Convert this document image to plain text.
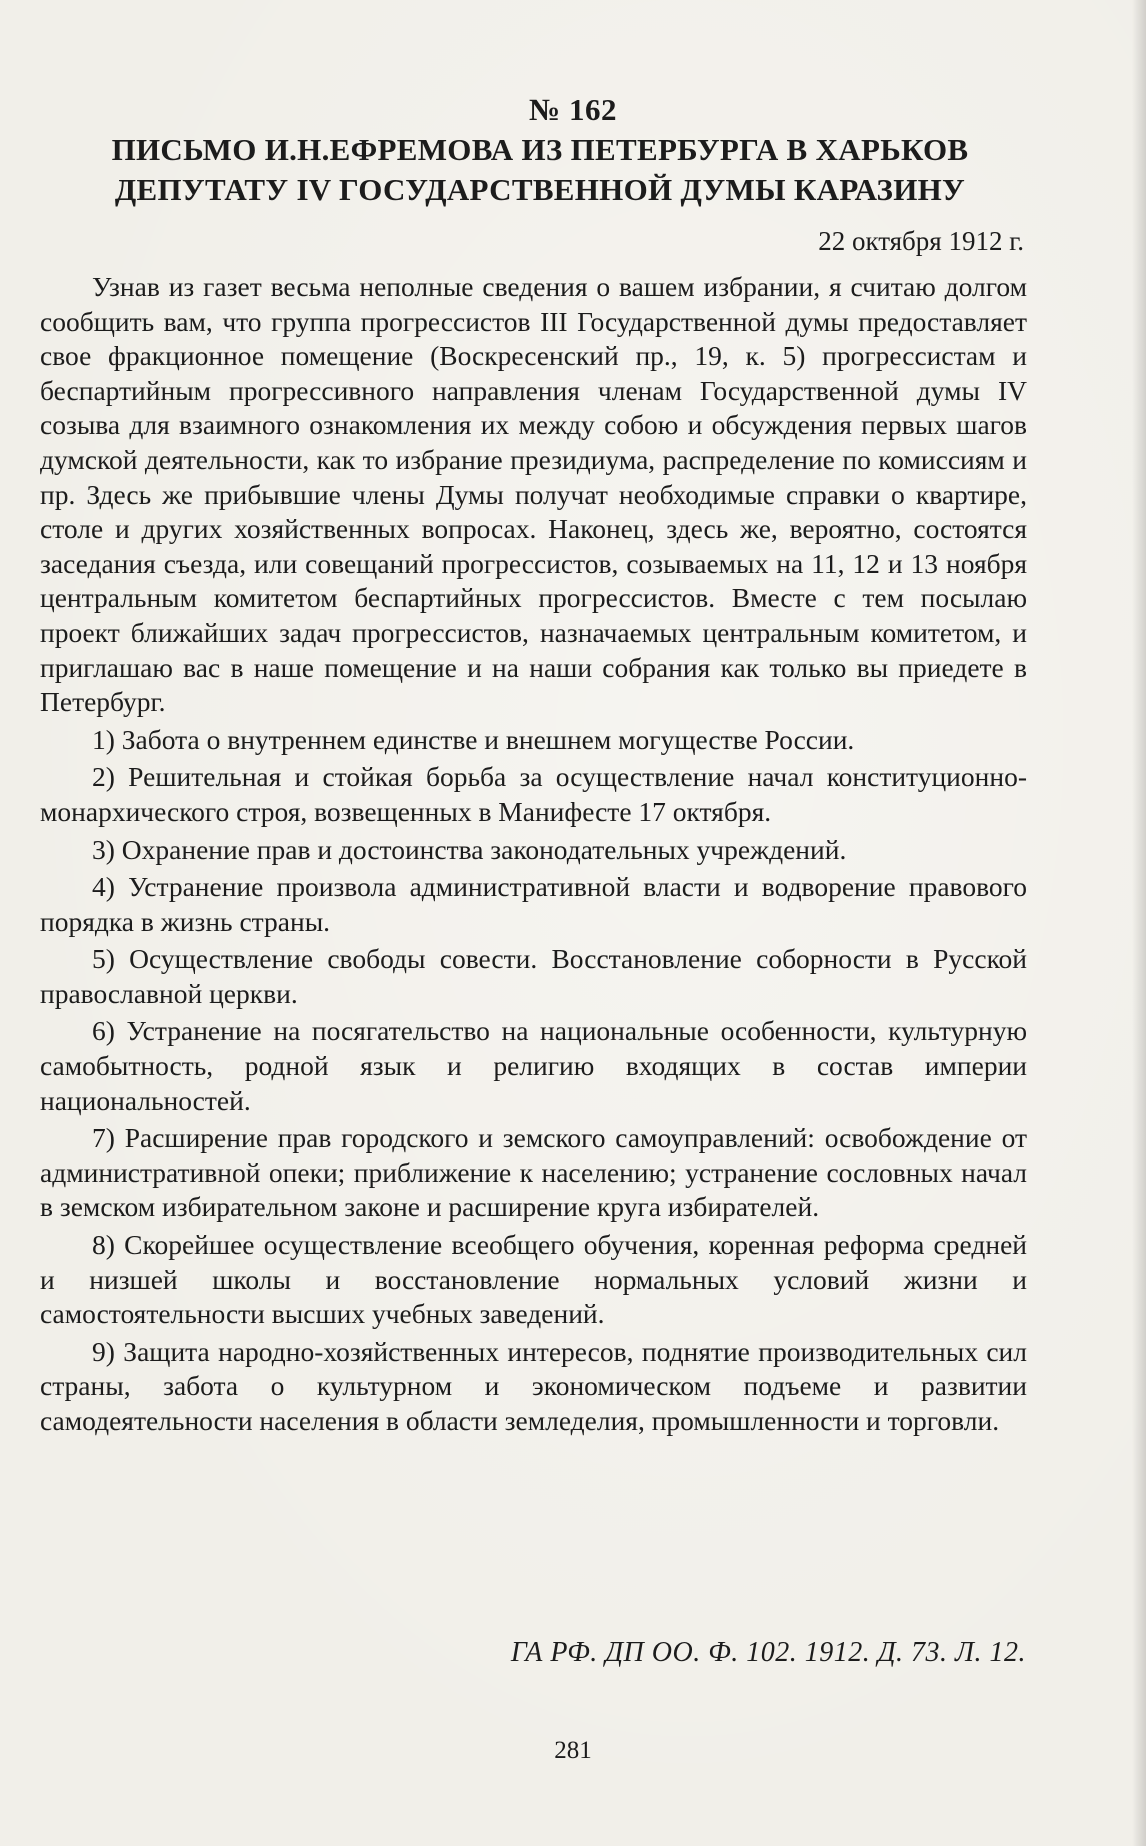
№ 162
ПИСЬМО И.Н.ЕФРЕМОВА ИЗ ПЕТЕРБУРГА В ХАРЬКОВ
ДЕПУТАТУ IV ГОСУДАРСТВЕННОЙ ДУМЫ КАРАЗИНУ
22 октября 1912 г.

Узнав из газет весьма неполные сведения о вашем избрании, я считаю долгом сообщить вам, что группа прогрессистов III Государственной думы предоставляет свое фракционное помещение (Воскресенский пр., 19, к. 5) прогрессистам и беспартийным прогрессивного направления членам Государственной думы IV созыва для взаимного ознакомления их между собою и обсуждения первых шагов думской деятельности, как то избрание президиума, распределение по комиссиям и пр. Здесь же прибывшие члены Думы получат необходимые справки о квартире, столе и других хозяйственных вопросах. Наконец, здесь же, вероятно, состоятся заседания съезда, или совещаний прогрессистов, созываемых на 11, 12 и 13 ноября центральным комитетом беспартийных прогрессистов. Вместе с тем посылаю проект ближайших задач прогрессистов, назначаемых центральным комитетом, и приглашаю вас в наше помещение и на наши собрания как только вы приедете в Петербург.

1) Забота о внутреннем единстве и внешнем могуществе России.

2) Решительная и стойкая борьба за осуществление начал конституционно-монархического строя, возвещенных в Манифесте 17 октября.

3) Охранение прав и достоинства законодательных учреждений.

4) Устранение произвола административной власти и водворение правового порядка в жизнь страны.

5) Осуществление свободы совести. Восстановление соборности в Русской православной церкви.

6) Устранение на посягательство на национальные особенности, культурную самобытность, родной язык и религию входящих в состав империи национальностей.

7) Расширение прав городского и земского самоуправлений: освобождение от административной опеки; приближение к населению; устранение сословных начал в земском избирательном законе и расширение круга избирателей.

8) Скорейшее осуществление всеобщего обучения, коренная реформа средней и низшей школы и восстановление нормальных условий жизни и самостоятельности высших учебных заведений.

9) Защита народно-хозяйственных интересов, поднятие производительных сил страны, забота о культурном и экономическом подъеме и развитии самодеятельности населения в области земледелия, промышленности и торговли.

ГА РФ. ДП ОО. Ф. 102. 1912. Д. 73. Л. 12.
281
